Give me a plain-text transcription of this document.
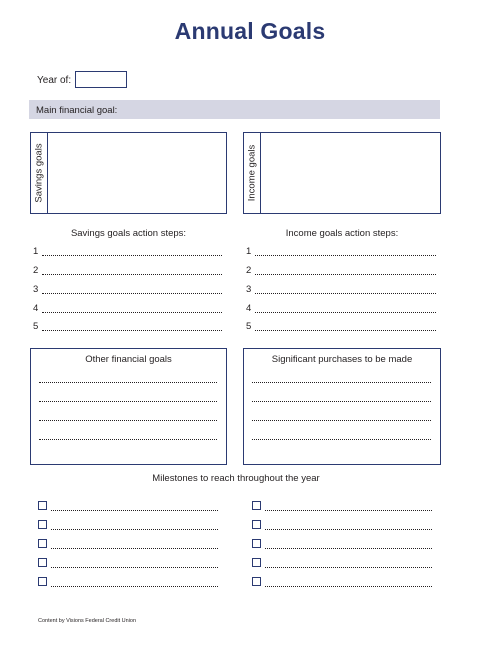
Annual Goals
Year of:
Main financial goal:
Savings goals	Income goals
Savings goals action steps:	Income goals action steps:
1
2
3
4
5
1
2
3
4
5
Other financial goals	Significant purchases to be made
Milestones to reach throughout the year
Content by Visions Federal Credit Union
